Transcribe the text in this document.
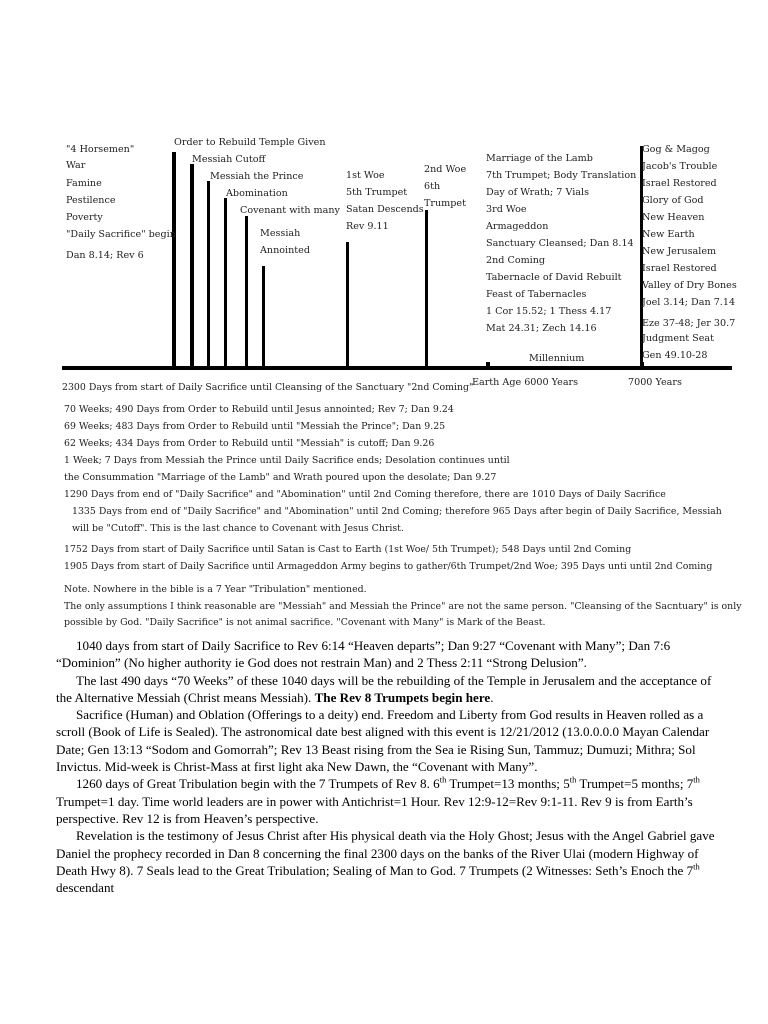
"4 Horsemen"
War
Famine
Pestilence
Poverty
"Daily Sacrifice" begin
Dan 8.14; Rev 6
Order to Rebuild Temple Given
Messiah Cutoff
Messiah the Prince
Abomination
Covenant with many
Messiah
Annointed
1st Woe
5th Trumpet
Satan Descends
Rev 9.11
2nd Woe
6th
Trumpet
Marriage of the Lamb
7th Trumpet; Body Translation
Day of Wrath; 7 Vials
3rd Woe
Armageddon
Sanctuary Cleansed; Dan 8.14
2nd Coming
Tabernacle of David Rebuilt
Feast of Tabernacles
1 Cor 15.52; 1 Thess 4.17
Mat 24.31; Zech 14.16
Gog & Magog
Jacob's Trouble
Israel Restored
Glory of God
New Heaven
New Earth
New Jerusalem
Israel Restored
Valley of Dry Bones
Joel 3.14; Dan 7.14
Eze 37-48; Jer 30.7
Judgment Seat
Gen 49.10-28
Millennium
Earth Age 6000 Years	7000 Years
2300 Days from start of Daily Sacrifice until Cleansing of the Sanctuary "2nd Coming"
70 Weeks; 490 Days from Order to Rebuild until Jesus annointed; Rev 7; Dan 9.24
69 Weeks; 483 Days from Order to Rebuild until "Messiah the Prince"; Dan 9.25
62 Weeks; 434 Days from Order to Rebuild until "Messiah" is cutoff; Dan 9.26
1 Week; 7 Days from Messiah the Prince until Daily Sacrifice ends; Desolation continues until
the Consummation "Marriage of the Lamb" and Wrath poured upon the desolate; Dan 9.27
1290 Days from end of "Daily Sacrifice" and "Abomination" until 2nd Coming therefore, there are 1010 Days of Daily Sacrifice
1335 Days from end of "Daily Sacrifice" and "Abomination" until 2nd Coming; therefore 965 Days after begin of Daily Sacrifice, Messiah
will be "Cutoff". This is the last chance to Covenant with Jesus Christ.
1752 Days from start of Daily Sacrifice until Satan is Cast to Earth (1st Woe/ 5th Trumpet); 548 Days until 2nd Coming
1905 Days from start of Daily Sacrifice until Armageddon Army begins to gather/6th Trumpet/2nd Woe; 395 Days unti until 2nd Coming
Note. Nowhere in the bible is a 7 Year "Tribulation" mentioned.
The only assumptions I think reasonable are "Messiah" and Messiah the Prince" are not the same person. "Cleansing of the Sacntuary" is only
possible by God. "Daily Sacrifice" is not animal sacrifice. "Covenant with Many" is Mark of the Beast.

1040 days from start of Daily Sacrifice to Rev 6:14 “Heaven departs”; Dan 9:27 “Covenant with Many”; Dan 7:6 “Dominion” (No higher authority ie God does not restrain Man) and 2 Thess 2:11 “Strong Delusion”.

The last 490 days “70 Weeks” of these 1040 days will be the rebuilding of the Temple in Jerusalem and the acceptance of the Alternative Messiah (Christ means Messiah). The Rev 8 Trumpets begin here.

Sacrifice (Human) and Oblation (Offerings to a deity) end. Freedom and Liberty from God results in Heaven rolled as a scroll (Book of Life is Sealed). The astronomical date best aligned with this event is 12/21/2012 (13.0.0.0.0 Mayan Calendar Date; Gen 13:13 “Sodom and Gomorrah”; Rev 13 Beast rising from the Sea ie Rising Sun, Tammuz; Dumuzi; Mithra; Sol Invictus. Mid-week is Christ-Mass at first light aka New Dawn, the “Covenant with Many”.

1260 days of Great Tribulation begin with the 7 Trumpets of Rev 8. 6th Trumpet=13 months; 5th Trumpet=5 months; 7th Trumpet=1 day. Time world leaders are in power with Antichrist=1 Hour. Rev 12:9-12=Rev 9:1-11. Rev 9 is from Earth’s perspective. Rev 12 is from Heaven’s perspective.

Revelation is the testimony of Jesus Christ after His physical death via the Holy Ghost; Jesus with the Angel Gabriel gave Daniel the prophecy recorded in Dan 8 concerning the final 2300 days on the banks of the River Ulai (modern Highway of Death Hwy 8). 7 Seals lead to the Great Tribulation; Sealing of Man to God. 7 Trumpets (2 Witnesses: Seth’s Enoch the 7th descendant
